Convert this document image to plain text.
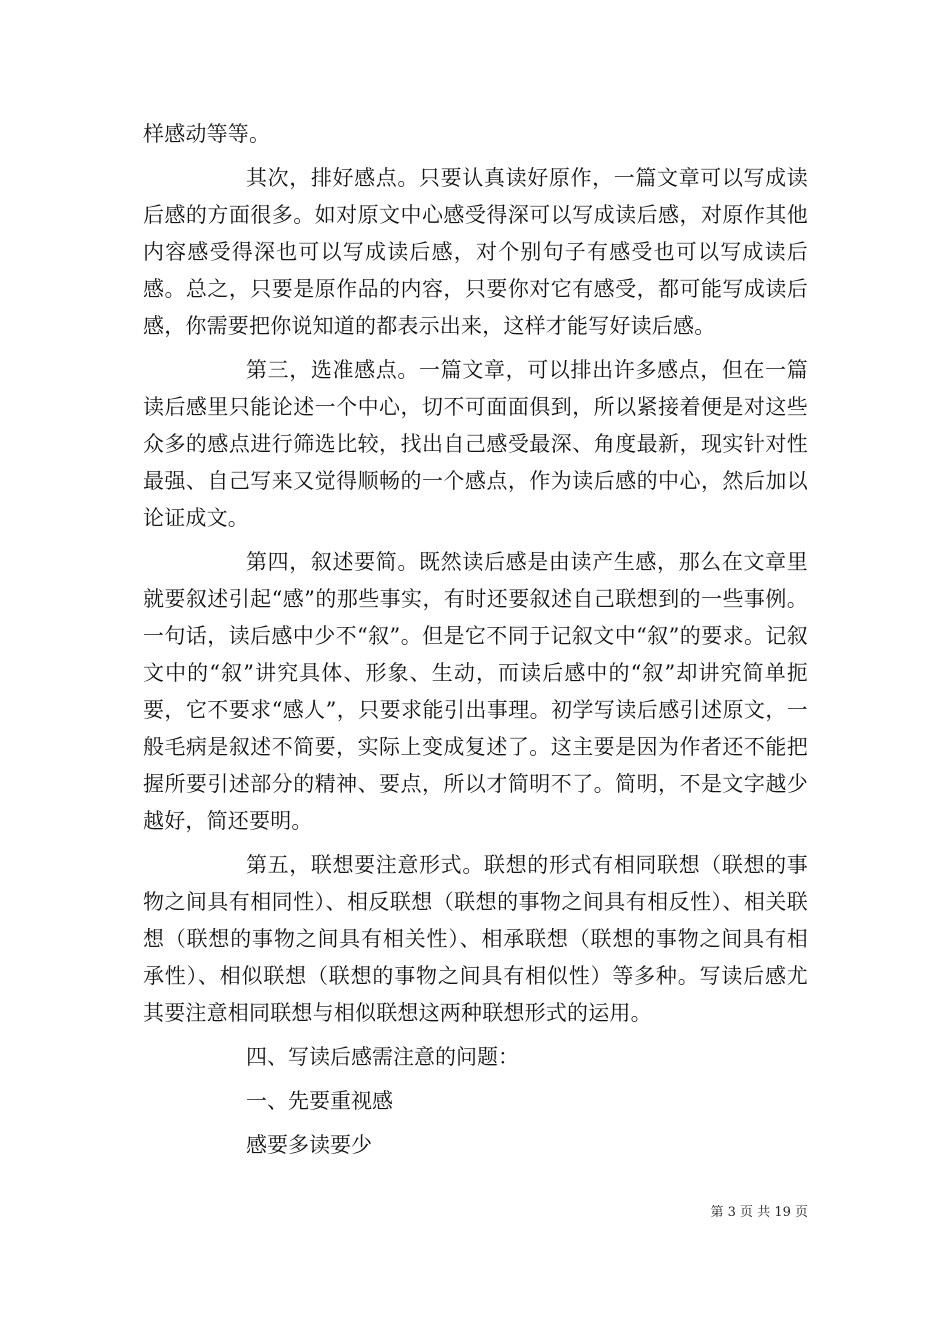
样感动等等。

其次，排好感点。只要认真读好原作，一篇文章可以写成读后感的方面很多。如对原文中心感受得深可以写成读后感，对原作其他内容感受得深也可以写成读后感，对个别句子有感受也可以写成读后感。总之，只要是原作品的内容，只要你对它有感受，都可能写成读后感，你需要把你说知道的都表示出来，这样才能写好读后感。

第三，选准感点。一篇文章，可以排出许多感点，但在一篇读后感里只能论述一个中心，切不可面面俱到，所以紧接着便是对这些众多的感点进行筛选比较，找出自己感受最深、角度最新，现实针对性最强、自己写来又觉得顺畅的一个感点，作为读后感的中心，然后加以论证成文。

第四，叙述要简。既然读后感是由读产生感，那么在文章里就要叙述引起“感”的那些事实，有时还要叙述自己联想到的一些事例。一句话，读后感中少不“叙”。但是它不同于记叙文中“叙”的要求。记叙文中的“叙”讲究具体、形象、生动，而读后感中的“叙”却讲究简单扼要，它不要求“感人”，只要求能引出事理。初学写读后感引述原文，一般毛病是叙述不简要，实际上变成复述了。这主要是因为作者还不能把握所要引述部分的精神、要点，所以才简明不了。简明，不是文字越少越好，简还要明。

第五，联想要注意形式。联想的形式有相同联想（联想的事物之间具有相同性）、相反联想（联想的事物之间具有相反性）、相关联想（联想的事物之间具有相关性）、相承联想（联想的事物之间具有相承性）、相似联想（联想的事物之间具有相似性）等多种。写读后感尤其要注意相同联想与相似联想这两种联想形式的运用。

四、写读后感需注意的问题：

一、先要重视感

感要多读要少

第 3 页 共 19 页
